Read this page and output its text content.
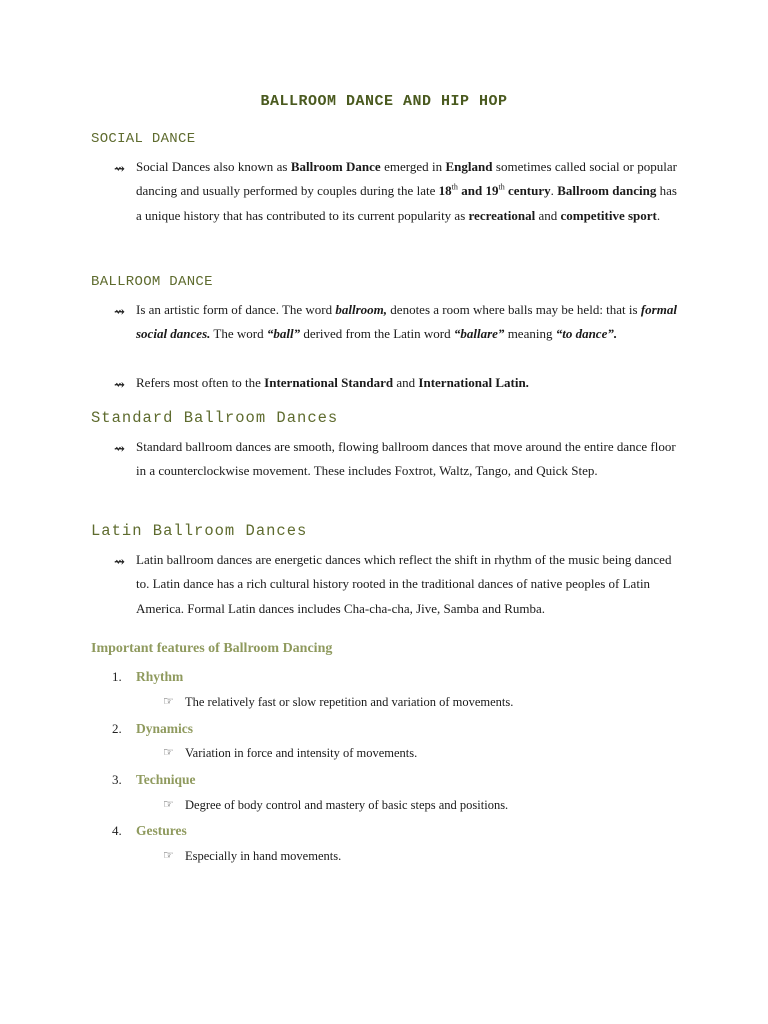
BALLROOM DANCE AND HIP HOP
SOCIAL DANCE
⇝ Social Dances also known as Ballroom Dance emerged in England sometimes called social or popular dancing and usually performed by couples during the late 18th and 19th century. Ballroom dancing has a unique history that has contributed to its current popularity as recreational and competitive sport.
BALLROOM DANCE
⇝ Is an artistic form of dance. The word ballroom, denotes a room where balls may be held: that is formal social dances. The word “ball” derived from the Latin word “ballare” meaning “to dance”.
⇝ Refers most often to the International Standard and International Latin.
Standard Ballroom Dances
⇝ Standard ballroom dances are smooth, flowing ballroom dances that move around the entire dance floor in a counterclockwise movement. These includes Foxtrot, Waltz, Tango, and Quick Step.
Latin Ballroom Dances
⇝ Latin ballroom dances are energetic dances which reflect the shift in rhythm of the music being danced to. Latin dance has a rich cultural history rooted in the traditional dances of native peoples of Latin America. Formal Latin dances includes Cha-cha-cha, Jive, Samba and Rumba.
Important features of Ballroom Dancing
1. Rhythm
☞ The relatively fast or slow repetition and variation of movements.
2. Dynamics
☞ Variation in force and intensity of movements.
3. Technique
☞ Degree of body control and mastery of basic steps and positions.
4. Gestures
☞ Especially in hand movements.
